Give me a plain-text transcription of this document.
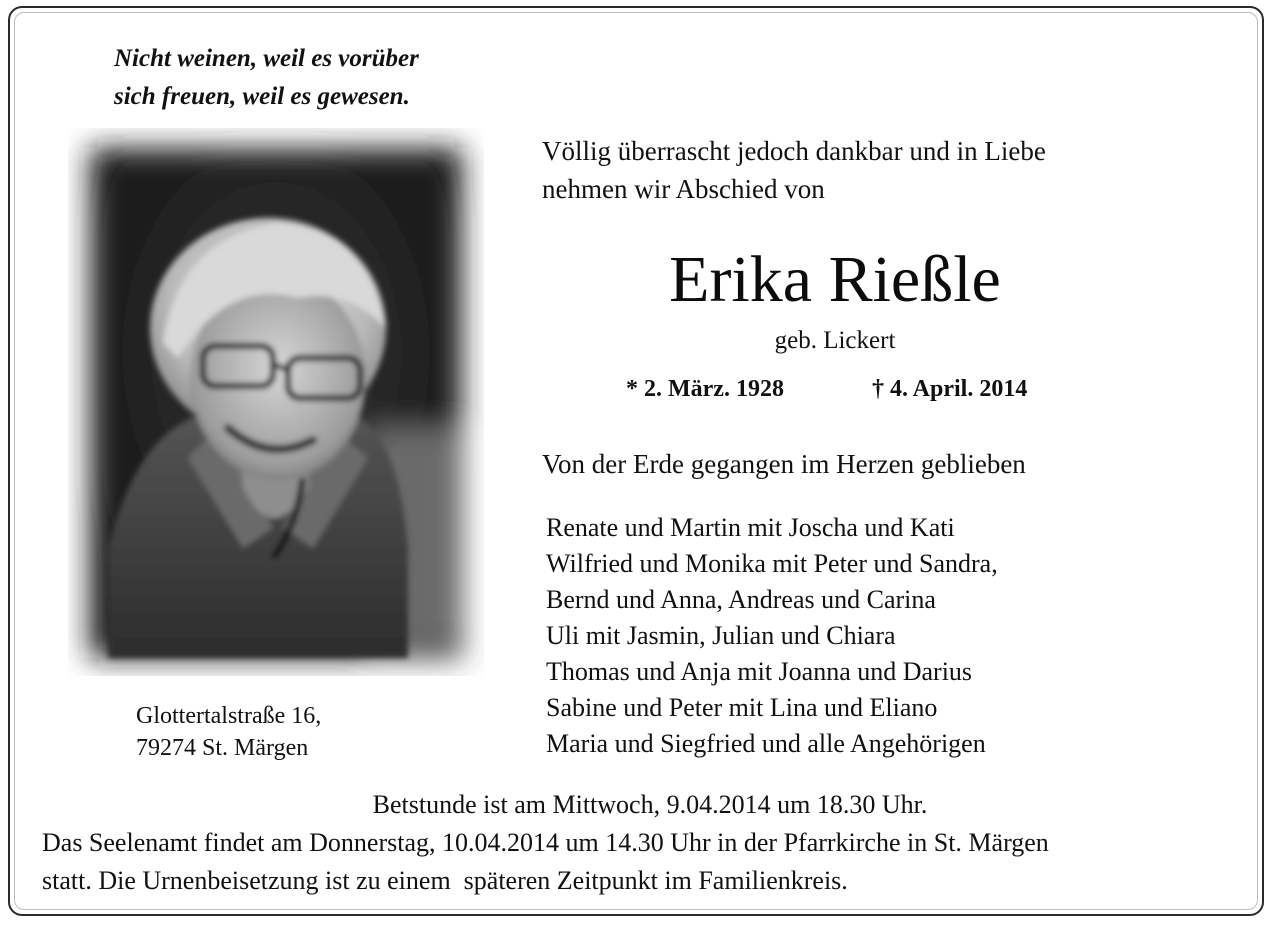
Nicht weinen, weil es vorüber
sich freuen, weil es gewesen.
Glottertalstraße 16,
79274 St. Märgen
Völlig überrascht jedoch dankbar und in Liebe
nehmen wir Abschied von
Erika Rießle
geb. Lickert
* 2. März. 1928	† 4. April. 2014
Von der Erde gegangen im Herzen geblieben
Renate und Martin mit Joscha und Kati
Wilfried und Monika mit Peter und Sandra,
Bernd und Anna, Andreas und Carina
Uli mit Jasmin, Julian und Chiara
Thomas und Anja mit Joanna und Darius
Sabine und Peter mit Lina und Eliano
Maria und Siegfried und alle Angehörigen
Betstunde ist am Mittwoch, 9.04.2014 um 18.30 Uhr.
Das Seelenamt findet am Donnerstag, 10.04.2014 um 14.30 Uhr in der Pfarrkirche in St. Märgen
statt. Die Urnenbeisetzung ist zu einem  späteren Zeitpunkt im Familienkreis.
